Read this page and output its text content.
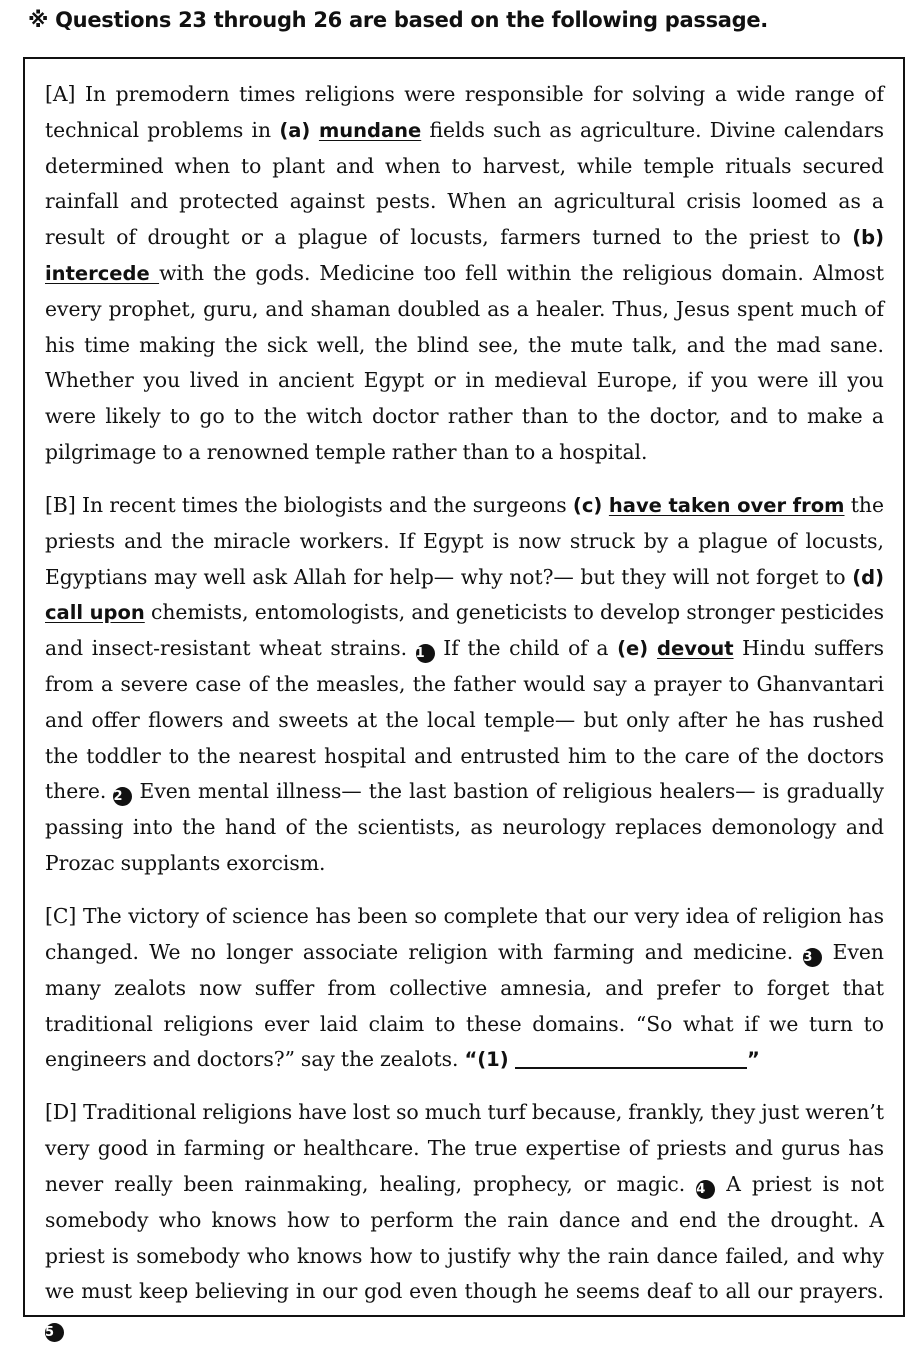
※ Questions 23 through 26 are based on the following passage.

[A] In premodern times religions were responsible for solving a wide range of technical problems in (a) mundane fields such as agriculture. Divine calendars determined when to plant and when to harvest, while temple rituals secured rainfall and protected against pests. When an agricultural crisis loomed as a result of drought or a plague of locusts, farmers turned to the priest to (b) intercede with the gods. Medicine too fell within the religious domain. Almost every prophet, guru, and shaman doubled as a healer. Thus, Jesus spent much of his time making the sick well, the blind see, the mute talk, and the mad sane. Whether you lived in ancient Egypt or in medieval Europe, if you were ill you were likely to go to the witch doctor rather than to the doctor, and to make a pilgrimage to a renowned temple rather than to a hospital.

[B] In recent times the biologists and the surgeons (c) have taken over from the priests and the miracle workers. If Egypt is now struck by a plague of locusts, Egyptians may well ask Allah for help— why not?— but they will not forget to (d) call upon chemists, entomologists, and geneticists to develop stronger pesticides and insect-resistant wheat strains. 1 If the child of a (e) devout Hindu suffers from a severe case of the measles, the father would say a prayer to Ghanvantari and offer flowers and sweets at the local temple— but only after he has rushed the toddler to the nearest hospital and entrusted him to the care of the doctors there. 2 Even mental illness— the last bastion of religious healers— is gradually passing into the hand of the scientists, as neurology replaces demonology and Prozac supplants exorcism.

[C] The victory of science has been so complete that our very idea of religion has changed. We no longer associate religion with farming and medicine. 3 Even many zealots now suffer from collective amnesia, and prefer to forget that traditional religions ever laid claim to these domains. “So what if we turn to engineers and doctors?” say the zealots. “(1)	”

[D] Traditional religions have lost so much turf because, frankly, they just weren’t very good in farming or healthcare. The true expertise of priests and gurus has never really been rainmaking, healing, prophecy, or magic. 4 A priest is not somebody who knows how to perform the rain dance and end the drought. A priest is somebody who knows how to justify why the rain dance failed, and why we must keep believing in our god even though he seems deaf to all our prayers. 5
